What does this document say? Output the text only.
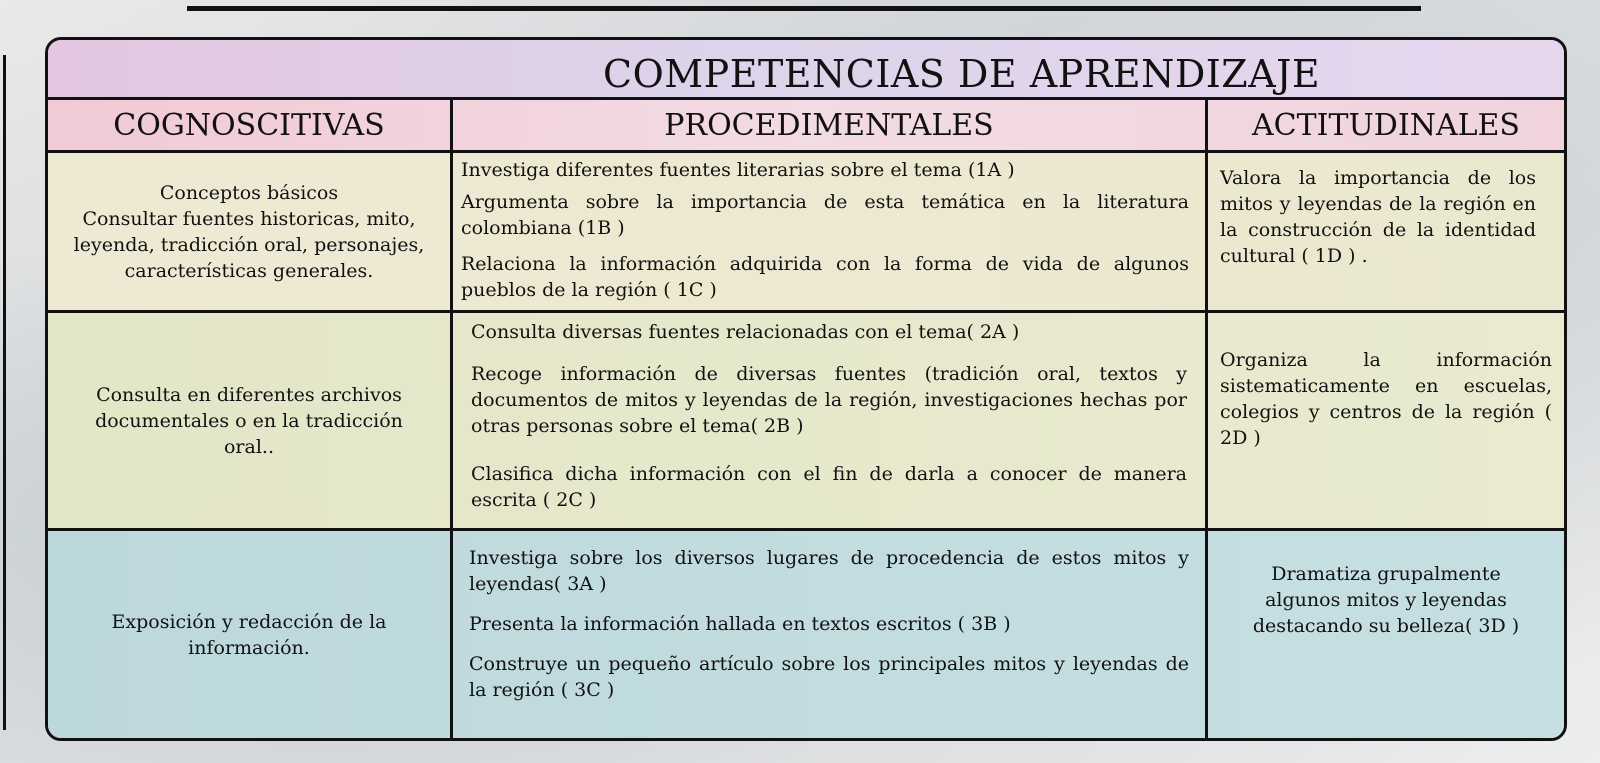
COMPETENCIAS DE APRENDIZAJE
COGNOSCITIVAS	PROCEDIMENTALES	ACTITUDINALES
Conceptos básicos
Consultar fuentes historicas, mito,
leyenda, tradicción oral, personajes,
características generales.

Investiga diferentes fuentes literarias sobre el tema (1A )

Argumenta sobre la importancia de esta temática en la literatura colombiana (1B )

Relaciona la información adquirida con la forma de vida de algunos pueblos de la región ( 1C )

Valora la importancia de los mitos y leyendas de la región en la construcción de la identidad cultural ( 1D ) .

Consulta en diferentes archivos
documentales o en la tradicción
oral..

Consulta diversas fuentes relacionadas con el tema( 2A )

Recoge información de diversas fuentes (tradición oral, textos y documentos de mitos y leyendas de la región, investigaciones hechas por otras personas sobre el tema( 2B )

Clasifica dicha información con el fin de darla a conocer de manera escrita ( 2C )

Organiza la información sistematicamente en escuelas, colegios y centros de la región ( 2D )

Exposición y redacción de la
información.

Investiga sobre los diversos lugares de procedencia de estos mitos y leyendas( 3A )

Presenta la información hallada en textos escritos ( 3B )

Construye un pequeño artículo sobre los principales mitos y leyendas de la región ( 3C )

Dramatiza grupalmente
algunos mitos y leyendas
destacando su belleza( 3D )
